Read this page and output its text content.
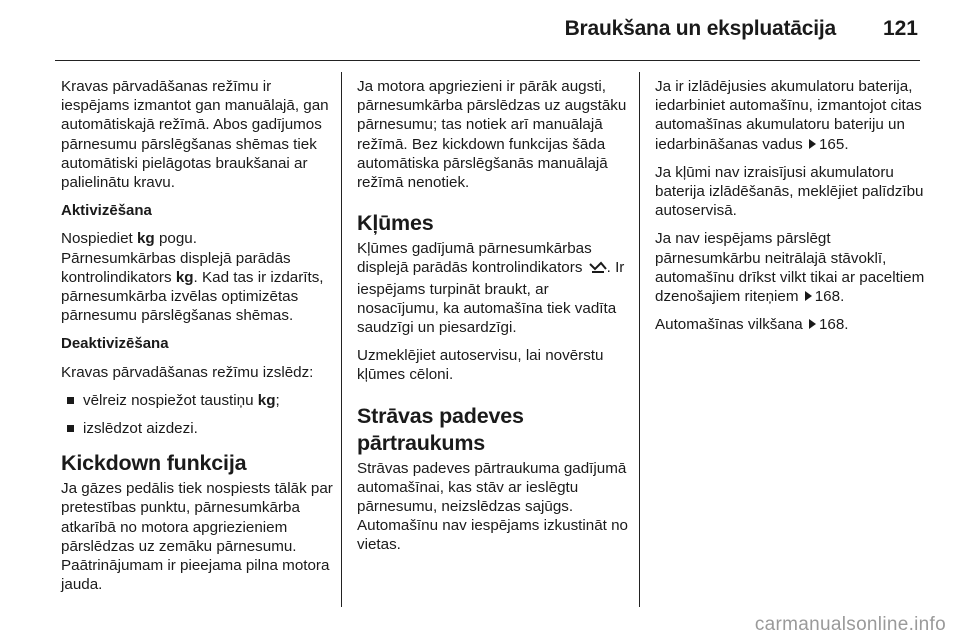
Braukšana un ekspluatācija 121

Kravas pārvadāšanas režīmu ir iespējams izmantot gan manuālajā, gan automātiskajā režīmā. Abos gadījumos pārnesumu pārslēgšanas shēmas tiek automātiski pielāgotas braukšanai ar palielinātu kravu.

Aktivizēšana

Nospiediet kg pogu.

Pārnesumkārbas displejā parādās kontrolindikators kg. Kad tas ir izdarīts, pārnesumkārba izvēlas optimizētas pārnesumu pārslēgšanas shēmas.

Deaktivizēšana

Kravas pārvadāšanas režīmu izslēdz:

vēlreiz nospiežot taustiņu kg;
izslēdzot aizdezi.
Kickdown funkcija

Ja gāzes pedālis tiek nospiests tālāk par pretestības punktu, pārnesumkārba atkarībā no motora apgriezieniem pārslēdzas uz zemāku pārnesumu. Paātrinājumam ir pieejama pilna motora jauda.

Ja motora apgriezieni ir pārāk augsti, pārnesumkārba pārslēdzas uz augstāku pārnesumu; tas notiek arī manuālajā režīmā. Bez kickdown funkcijas šāda automātiska pārslēgšanās manuālajā režīmā nenotiek.

Kļūmes

Kļūmes gadījumā pārnesumkārbas displejā parādās kontrolindikators . Ir iespējams turpināt braukt, ar nosacījumu, ka automašīna tiek vadīta saudzīgi un piesardzīgi.

Uzmeklējiet autoservisu, lai novērstu kļūmes cēloni.

Strāvas padeves pārtraukums

Strāvas padeves pārtraukuma gadījumā automašīnai, kas stāv ar ieslēgtu pārnesumu, neizslēdzas sajūgs. Automašīnu nav iespējams izkustināt no vietas.

Ja ir izlādējusies akumulatoru baterija, iedarbiniet automašīnu, izmantojot citas automašīnas akumulatoru bateriju un iedarbināšanas vadus 165.

Ja kļūmi nav izraisījusi akumulatoru baterija izlādēšanās, meklējiet palīdzību autoservisā.

Ja nav iespējams pārslēgt pārnesumkārbu neitrālajā stāvoklī, automašīnu drīkst vilkt tikai ar paceltiem dzenošajiem riteņiem 168.

Automašīnas vilkšana 168.

carmanualsonline.info
